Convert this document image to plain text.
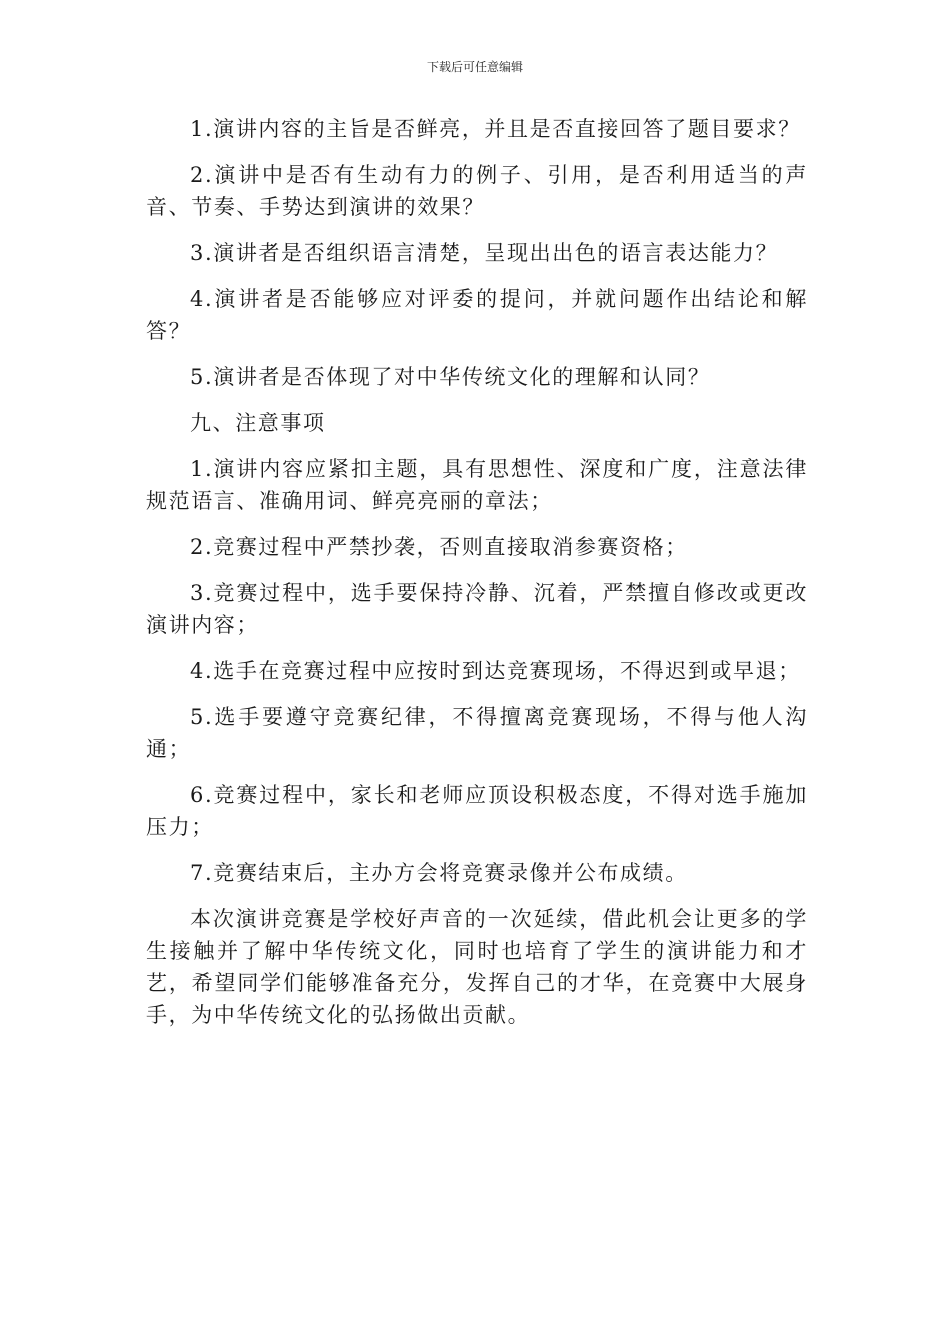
下载后可任意编辑

1.演讲内容的主旨是否鲜亮，并且是否直接回答了题目要求？

2.演讲中是否有生动有力的例子、引用，是否利用适当的声音、节奏、手势达到演讲的效果？

3.演讲者是否组织语言清楚，呈现出出色的语言表达能力？

4.演讲者是否能够应对评委的提问，并就问题作出结论和解答？

5.演讲者是否体现了对中华传统文化的理解和认同？

九、注意事项

1.演讲内容应紧扣主题，具有思想性、深度和广度，注意法律规范语言、准确用词、鲜亮亮丽的章法；

2.竞赛过程中严禁抄袭，否则直接取消参赛资格；

3.竞赛过程中，选手要保持冷静、沉着，严禁擅自修改或更改演讲内容；

4.选手在竞赛过程中应按时到达竞赛现场，不得迟到或早退；

5.选手要遵守竞赛纪律，不得擅离竞赛现场，不得与他人沟通；

6.竞赛过程中，家长和老师应顶设积极态度，不得对选手施加压力；

7.竞赛结束后，主办方会将竞赛录像并公布成绩。

本次演讲竞赛是学校好声音的一次延续，借此机会让更多的学生接触并了解中华传统文化，同时也培育了学生的演讲能力和才艺，希望同学们能够准备充分，发挥自己的才华，在竞赛中大展身手，为中华传统文化的弘扬做出贡献。
